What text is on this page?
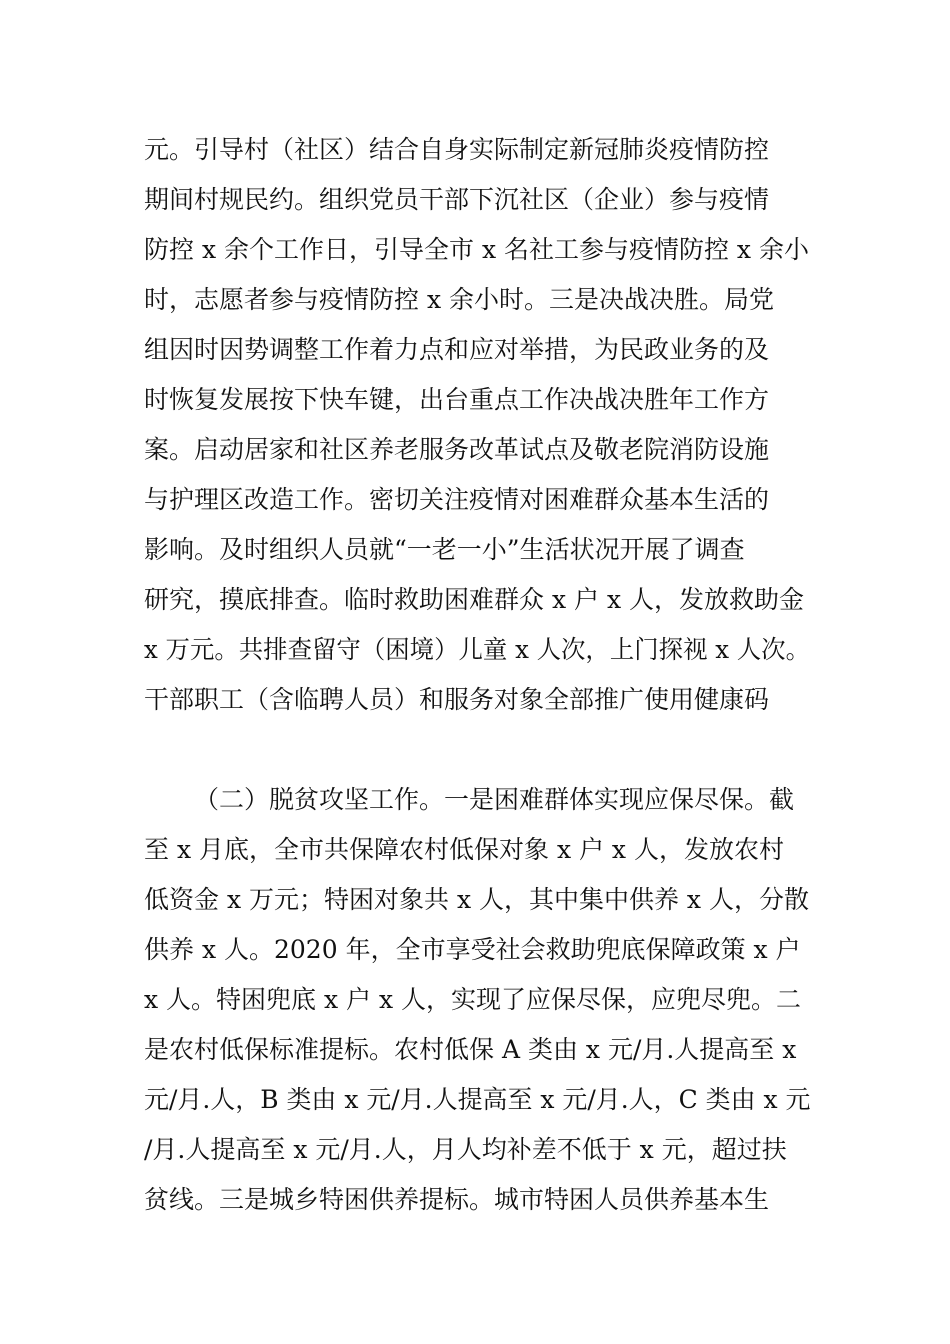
元。引导村（社区）结合自身实际制定新冠肺炎疫情防控
期间村规民约。组织党员干部下沉社区（企业）参与疫情
防控 x 余个工作日，引导全市 x 名社工参与疫情防控 x 余小
时，志愿者参与疫情防控 x 余小时。三是决战决胜。局党
组因时因势调整工作着力点和应对举措，为民政业务的及
时恢复发展按下快车键，出台重点工作决战决胜年工作方
案。启动居家和社区养老服务改革试点及敬老院消防设施
与护理区改造工作。密切关注疫情对困难群众基本生活的
影响。及时组织人员就“一老一小”生活状况开展了调查
研究，摸底排查。临时救助困难群众 x 户 x 人，发放救助金
x 万元。共排查留守（困境）儿童 x 人次，上门探视 x 人次。
干部职工（含临聘人员）和服务对象全部推广使用健康码
（二）脱贫攻坚工作。一是困难群体实现应保尽保。截
至 x 月底，全市共保障农村低保对象 x 户 x 人，发放农村
低资金 x 万元；特困对象共 x 人，其中集中供养 x 人，分散
供养 x 人。2020 年，全市享受社会救助兜底保障政策 x 户
x 人。特困兜底 x 户 x 人，实现了应保尽保，应兜尽兜。二
是农村低保标准提标。农村低保 A 类由 x 元/月.人提高至 x
元/月.人，B 类由 x 元/月.人提高至 x 元/月.人，C 类由 x 元
/月.人提高至 x 元/月.人，月人均补差不低于 x 元，超过扶
贫线。三是城乡特困供养提标。城市特困人员供养基本生
